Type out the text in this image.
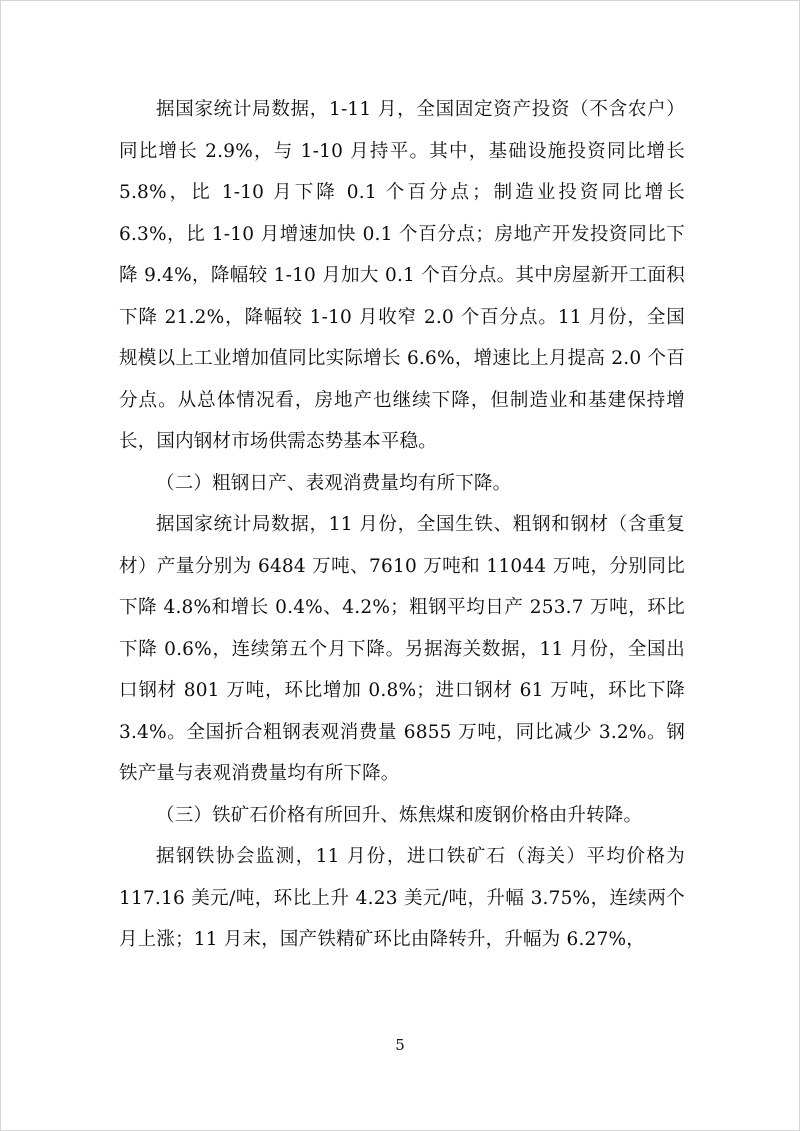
据国家统计局数据，1-11 月，全国固定资产投资（不含农户）同比增长 2.9%，与 1-10 月持平。其中，基础设施投资同比增长 5.8%，比 1-10 月下降 0.1 个百分点；制造业投资同比增长 6.3%，比 1-10 月增速加快 0.1 个百分点；房地产开发投资同比下降 9.4%，降幅较 1-10 月加大 0.1 个百分点。其中房屋新开工面积下降 21.2%，降幅较 1-10 月收窄 2.0 个百分点。11 月份，全国规模以上工业增加值同比实际增长 6.6%，增速比上月提高 2.0 个百分点。从总体情况看，房地产也继续下降，但制造业和基建保持增长，国内钢材市场供需态势基本平稳。

（二）粗钢日产、表观消费量均有所下降。

据国家统计局数据，11 月份，全国生铁、粗钢和钢材（含重复材）产量分别为 6484 万吨、7610 万吨和 11044 万吨，分别同比下降 4.8%和增长 0.4%、4.2%；粗钢平均日产 253.7 万吨，环比下降 0.6%，连续第五个月下降。另据海关数据，11 月份，全国出口钢材 801 万吨，环比增加 0.8%；进口钢材 61 万吨，环比下降 3.4%。全国折合粗钢表观消费量 6855 万吨，同比减少 3.2%。钢铁产量与表观消费量均有所下降。

（三）铁矿石价格有所回升、炼焦煤和废钢价格由升转降。

据钢铁协会监测，11 月份，进口铁矿石（海关）平均价格为 117.16 美元/吨，环比上升 4.23 美元/吨，升幅 3.75%，连续两个月上涨；11 月末，国产铁精矿环比由降转升，升幅为 6.27%，

5
